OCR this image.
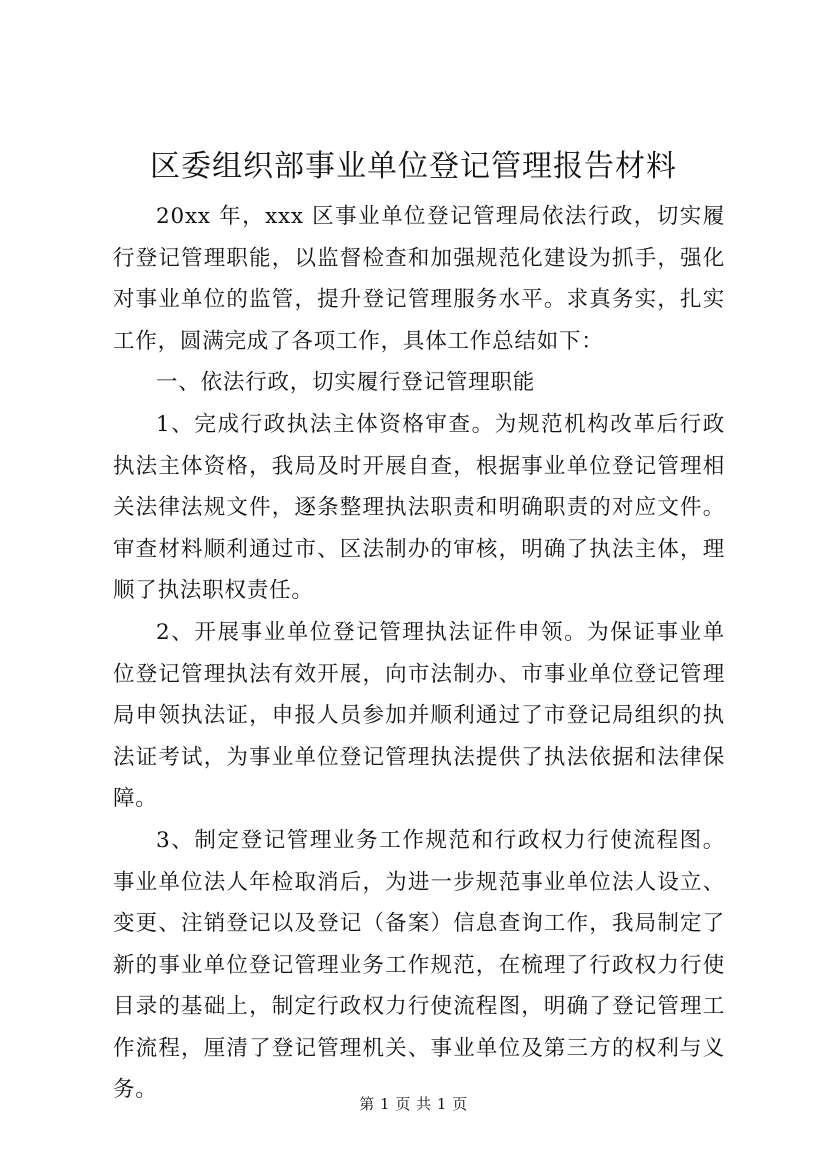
区委组织部事业单位登记管理报告材料

20xx 年，xxx 区事业单位登记管理局依法行政，切实履行登记管理职能，以监督检查和加强规范化建设为抓手，强化对事业单位的监管，提升登记管理服务水平。求真务实，扎实工作，圆满完成了各项工作，具体工作总结如下：

一、依法行政，切实履行登记管理职能

1、完成行政执法主体资格审查。为规范机构改革后行政执法主体资格，我局及时开展自查，根据事业单位登记管理相关法律法规文件，逐条整理执法职责和明确职责的对应文件。审查材料顺利通过市、区法制办的审核，明确了执法主体，理顺了执法职权责任。

2、开展事业单位登记管理执法证件申领。为保证事业单位登记管理执法有效开展，向市法制办、市事业单位登记管理局申领执法证，申报人员参加并顺利通过了市登记局组织的执法证考试，为事业单位登记管理执法提供了执法依据和法律保障。

3、制定登记管理业务工作规范和行政权力行使流程图。事业单位法人年检取消后，为进一步规范事业单位法人设立、变更、注销登记以及登记（备案）信息查询工作，我局制定了新的事业单位登记管理业务工作规范，在梳理了行政权力行使目录的基础上，制定行政权力行使流程图，明确了登记管理工作流程，厘清了登记管理机关、事业单位及第三方的权利与义务。

第 1 页 共 1 页
